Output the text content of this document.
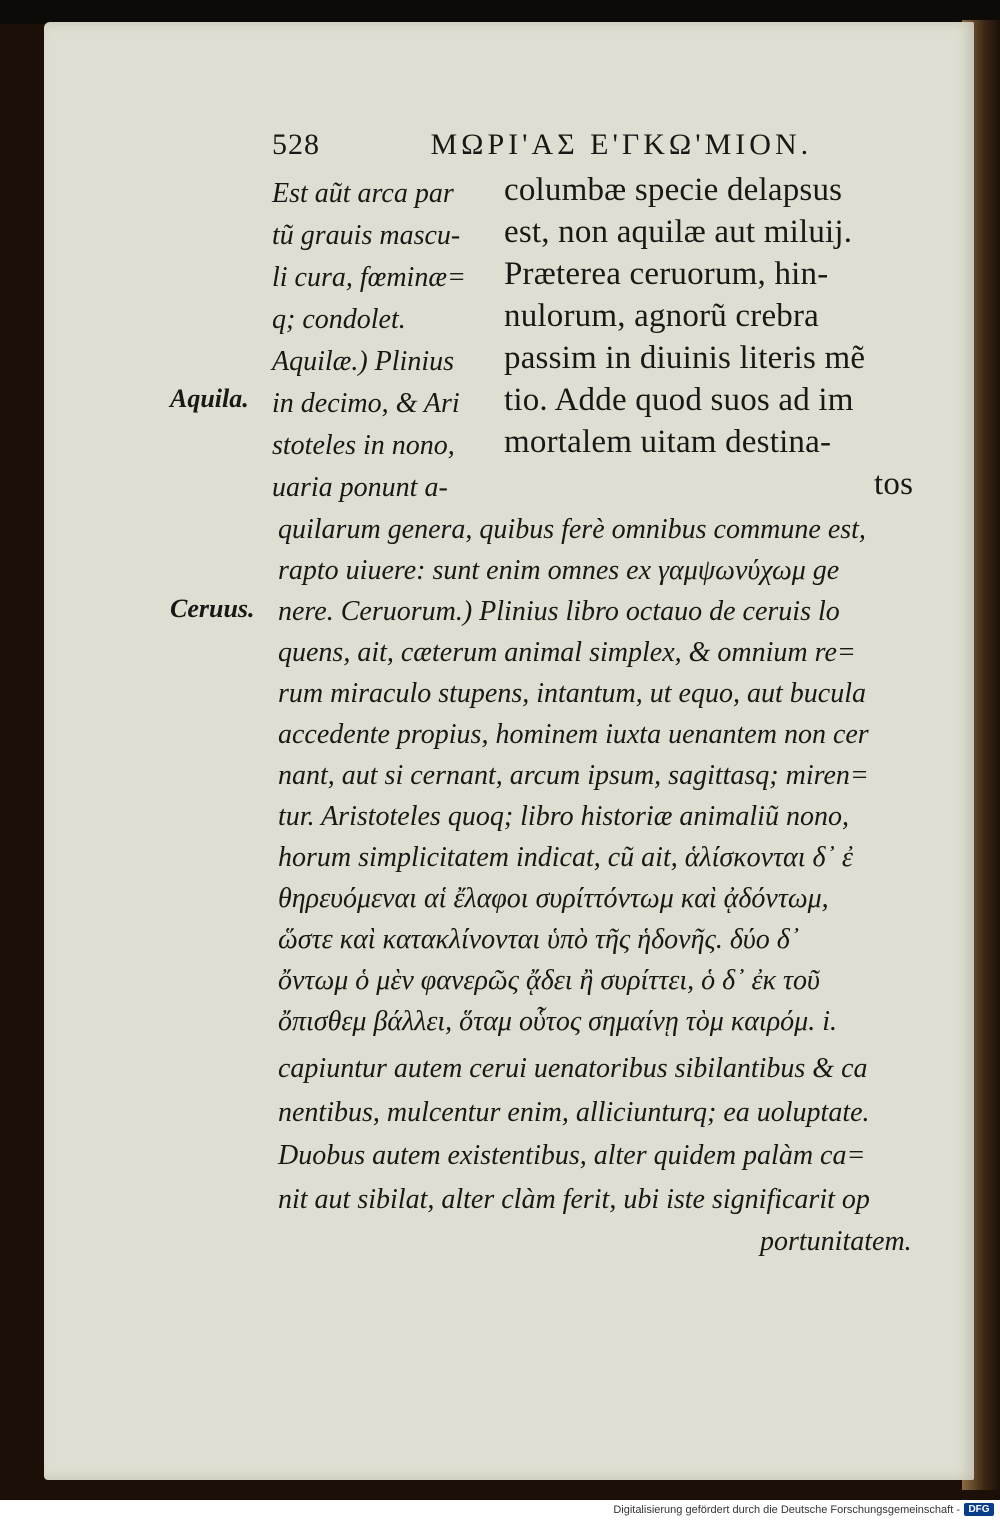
528	ΜΩΡΙ'ΑΣ Ε'ΓΚΩ'ΜΙΟΝ.
Est aũt arca par
tũ grauis mascu-
li cura, fœminæ=
q; condolet.
Aquilæ.) Plinius
in decimo, & Ari
stoteles in nono,
uaria ponunt a-
columbæ specie delapsus
est, non aquilæ aut miluij.
Præterea ceruorum, hin-
nulorum, agnorũ crebra
passim in diuinis literis mẽ
tio. Adde quod suos ad im
mortalem uitam destina-
tos
Aquila.
Ceruus.
quilarum genera, quibus ferè omnibus commune est,
rapto uiuere: sunt enim omnes ex γαμψωνύχωμ ge
nere. Ceruorum.) Plinius libro octauo de ceruis lo
quens, ait, cæterum animal simplex, & omnium re=
rum miraculo stupens, intantum, ut equo, aut bucula
accedente propius, hominem iuxta uenantem non cer
nant, aut si cernant, arcum ipsum, sagittasq; miren=
tur. Aristoteles quoq; libro historiæ animaliũ nono,
horum simplicitatem indicat, cũ ait, ἁλίσκονται δ᾽ ἐ
θηρευόμεναι αἱ ἔλαφοι συρίττόντωμ καὶ ᾀδόντωμ,
ὥστε καὶ κατακλίνονται ὑπὸ τῆς ἡδονῆς. δύο δ᾽
ὄντωμ ὁ μὲν φανερῶς ᾄδει ἢ συρίττει, ὁ δ᾽ ἐκ τοῦ
ὄπισθεμ βάλλει, ὅταμ οὗτος σημαίνῃ τὸμ καιρόμ. i.
capiuntur autem cerui uenatoribus sibilantibus & ca
nentibus, mulcentur enim, alliciunturq; ea uoluptate.
Duobus autem existentibus, alter quidem palàm ca=
nit aut sibilat, alter clàm ferit, ubi iste significarit op
portunitatem.
Digitalisierung gefördert durch die Deutsche Forschungsgemeinschaft - DFG
